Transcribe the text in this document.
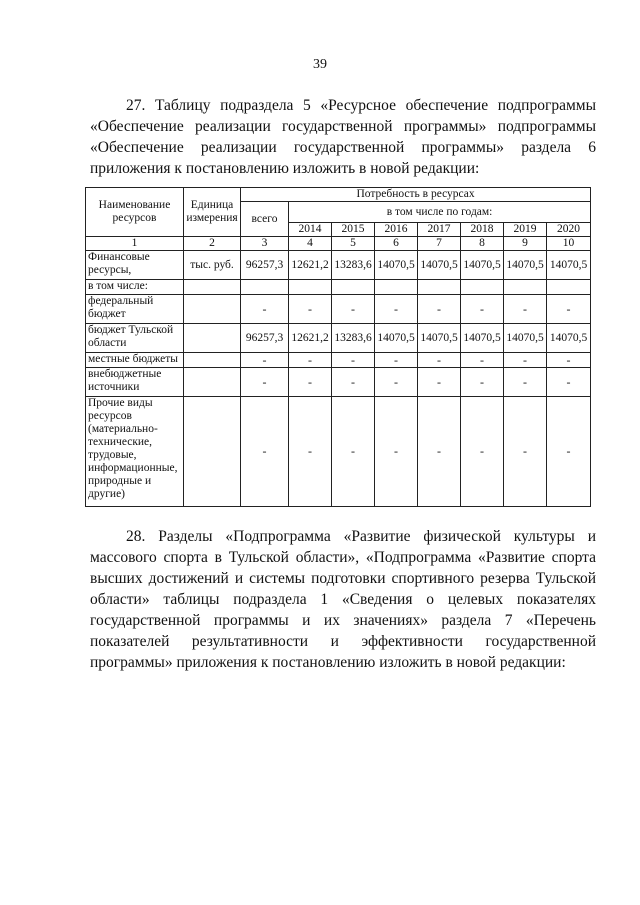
39

27. Таблицу подраздела 5 «Ресурсное обеспечение подпрограммы
«Обеспечение реализации государственной программы» подпрограммы
«Обеспечение реализации государственной программы» раздела 6
приложения к постановлению изложить в новой редакции:

Наименование ресурсов	Единица измерения	Потребность в ресурсах							
		всего	в том числе по годам:						
			2014	2015	2016	2017	2018	2019	2020
1	2	3	4	5	6	7	8	9	10
Финансовые ресурсы,	тыс. руб.	96257,3	12621,2	13283,6	14070,5	14070,5	14070,5	14070,5	14070,5
в том числе:									
федеральный бюджет		-	-	-	-	-	-	-	-
бюджет Тульской области		96257,3	12621,2	13283,6	14070,5	14070,5	14070,5	14070,5	14070,5
местные бюджеты		-	-	-	-	-	-	-	-
внебюджетные источники		-	-	-	-	-	-	-	-
Прочие виды ресурсов (материально-технические, трудовые, информационные, природные и другие)		-	-	-	-	-	-	-	-

28. Разделы «Подпрограмма «Развитие физической культуры и
массового спорта в Тульской области», «Подпрограмма «Развитие спорта
высших достижений и системы подготовки спортивного резерва Тульской
области» таблицы подраздела 1 «Сведения о целевых показателях
государственной программы и их значениях» раздела 7 «Перечень
показателей результативности и эффективности государственной
программы» приложения к постановлению изложить в новой редакции:
